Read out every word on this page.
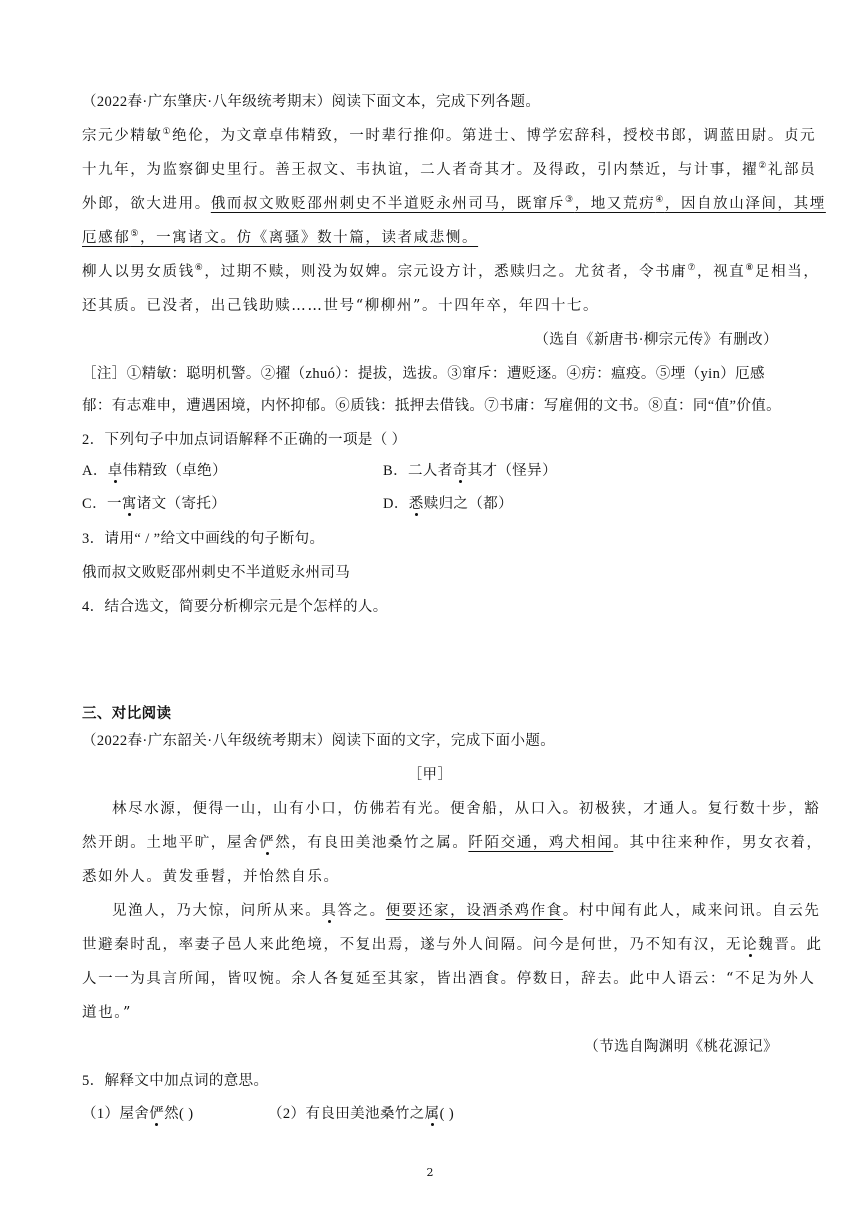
（2022春·广东肇庆·八年级统考期末）阅读下面文本，完成下列各题。
宗元少精敏①绝伦，为文章卓伟精致，一时辈行推仰。第进士、博学宏辞科，授校书郎，调蓝田尉。贞元
十九年，为监察御史里行。善王叔文、韦执谊，二人者奇其才。及得政，引内禁近，与计事，擢②礼部员
外郎，欲大进用。俄而叔文败贬邵州刺史不半道贬永州司马，既窜斥③，地又荒疠④，因自放山泽间，其堙
厄感郁⑤，一寓诸文。仿《离骚》数十篇，读者咸悲恻。
柳人以男女质钱⑥，过期不赎，则没为奴婢。宗元设方计，悉赎归之。尤贫者，令书庸⑦，视直⑧足相当，
还其质。已没者，出己钱助赎……世号“柳柳州”。十四年卒，年四十七。
（选自《新唐书·柳宗元传》有删改）
［注］①精敏：聪明机警。②擢（zhuó）：提拔，选拔。③窜斥：遭贬逐。④疠：瘟疫。⑤堙（yin）厄感
郁：有志难申，遭遇困境，内怀抑郁。⑥质钱：抵押去借钱。⑦书庸：写雇佣的文书。⑧直：同“值”价值。
2．下列句子中加点词语解释不正确的一项是（ ）
A．卓伟精致（卓绝）	B．二人者奇其才（怪异）
C．一寓诸文（寄托）	D．悉赎归之（都）
3．请用“ / ”给文中画线的句子断句。
俄而叔文败贬邵州刺史不半道贬永州司马
4．结合选文，简要分析柳宗元是个怎样的人。
三、对比阅读
（2022春·广东韶关·八年级统考期末）阅读下面的文字，完成下面小题。
［甲］
林尽水源，便得一山，山有小口，仿佛若有光。便舍船，从口入。初极狭，才通人。复行数十步，豁
然开朗。土地平旷，屋舍俨然，有良田美池桑竹之属。阡陌交通，鸡犬相闻。其中往来种作，男女衣着，
悉如外人。黄发垂髫，并怡然自乐。
见渔人，乃大惊，问所从来。具答之。便要还家，设酒杀鸡作食。村中闻有此人，咸来问讯。自云先
世避秦时乱，率妻子邑人来此绝境，不复出焉，遂与外人间隔。问今是何世，乃不知有汉，无论魏晋。此
人一一为具言所闻，皆叹惋。余人各复延至其家，皆出酒食。停数日，辞去。此中人语云：“不足为外人
道也。”
（节选自陶渊明《桃花源记》
5．解释文中加点词的意思。
（1）屋舍俨然( )	（2）有良田美池桑竹之属( )
2
